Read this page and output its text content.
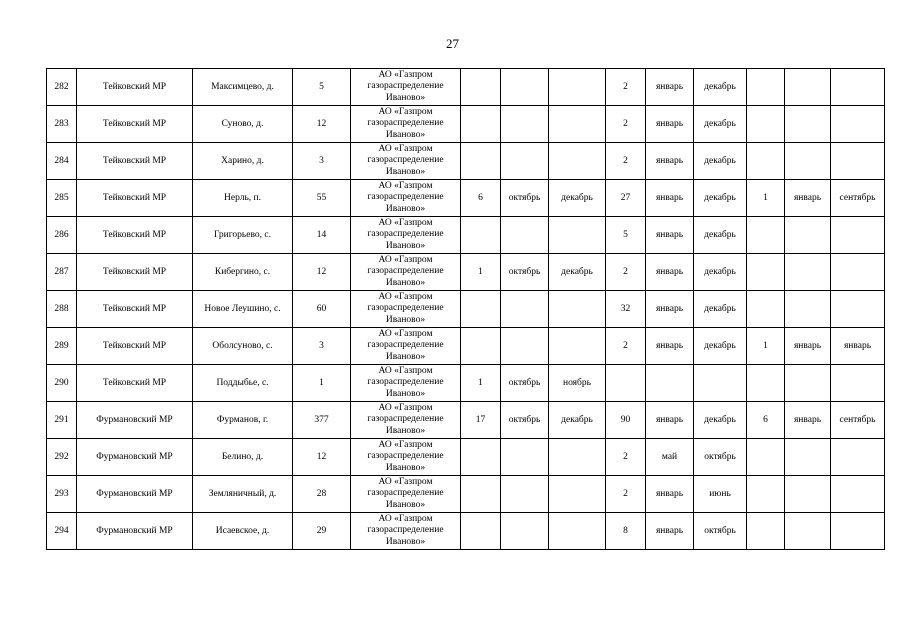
27
282	Тейковский МР	Максимцево, д.	5	АО «Газпром
газораспределение
Иваново»				2	январь	декабрь			
283	Тейковский МР	Суново, д.	12	АО «Газпром
газораспределение
Иваново»				2	январь	декабрь			
284	Тейковский МР	Харино, д.	3	АО «Газпром
газораспределение
Иваново»				2	январь	декабрь			
285	Тейковский МР	Нерль, п.	55	АО «Газпром
газораспределение
Иваново»	6	октябрь	декабрь	27	январь	декабрь	1	январь	сентябрь
286	Тейковский МР	Григорьево, с.	14	АО «Газпром
газораспределение
Иваново»				5	январь	декабрь			
287	Тейковский МР	Кибергино, с.	12	АО «Газпром
газораспределение
Иваново»	1	октябрь	декабрь	2	январь	декабрь			
288	Тейковский МР	Новое Леушино, с.	60	АО «Газпром
газораспределение
Иваново»				32	январь	декабрь			
289	Тейковский МР	Оболсуново, с.	3	АО «Газпром
газораспределение
Иваново»				2	январь	декабрь	1	январь	январь
290	Тейковский МР	Поддыбье, с.	1	АО «Газпром
газораспределение
Иваново»	1	октябрь	ноябрь						
291	Фурмановский МР	Фурманов, г.	377	АО «Газпром
газораспределение
Иваново»	17	октябрь	декабрь	90	январь	декабрь	6	январь	сентябрь
292	Фурмановский МР	Белино, д.	12	АО «Газпром
газораспределение
Иваново»				2	май	октябрь			
293	Фурмановский МР	Земляничный, д.	28	АО «Газпром
газораспределение
Иваново»				2	январь	июнь			
294	Фурмановский МР	Исаевское, д.	29	АО «Газпром
газораспределение
Иваново»				8	январь	октябрь			
